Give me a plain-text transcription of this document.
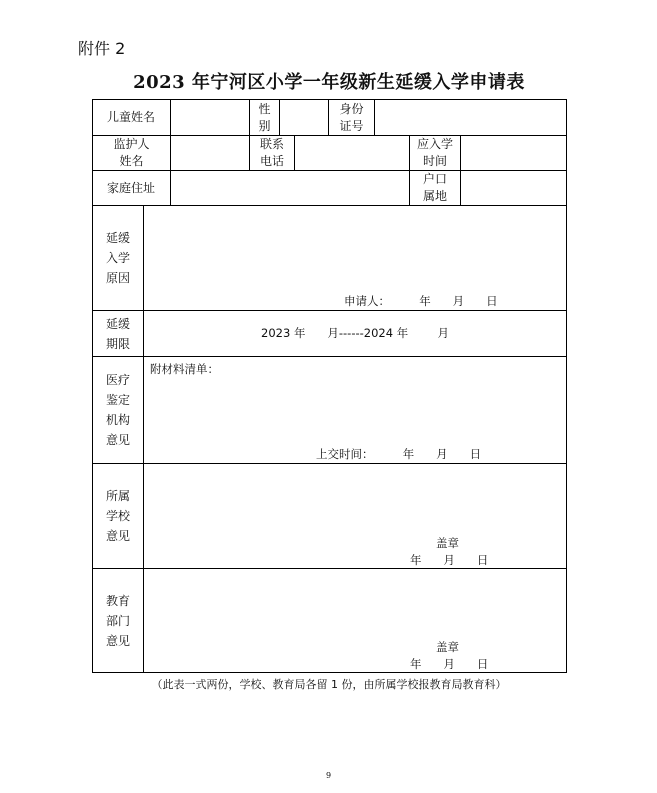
附件 2
2023 年宁河区小学一年级新生延缓入学申请表
儿童姓名
性
别
身份
证号
监护人
姓名
联系
电话
应入学
时间
家庭住址
户口
属地
延缓
入学
原因
申请人：        年      月      日
延缓
期限
2023 年      月------2024 年        月
医疗
鉴定
机构
意见
附材料清单：
上交时间：        年      月      日
所属
学校
意见	盖章
年      月      日
教育
部门
意见	盖章
年      月      日
（此表一式两份，学校、教育局各留 1 份，由所属学校报教育局教育科）
9
